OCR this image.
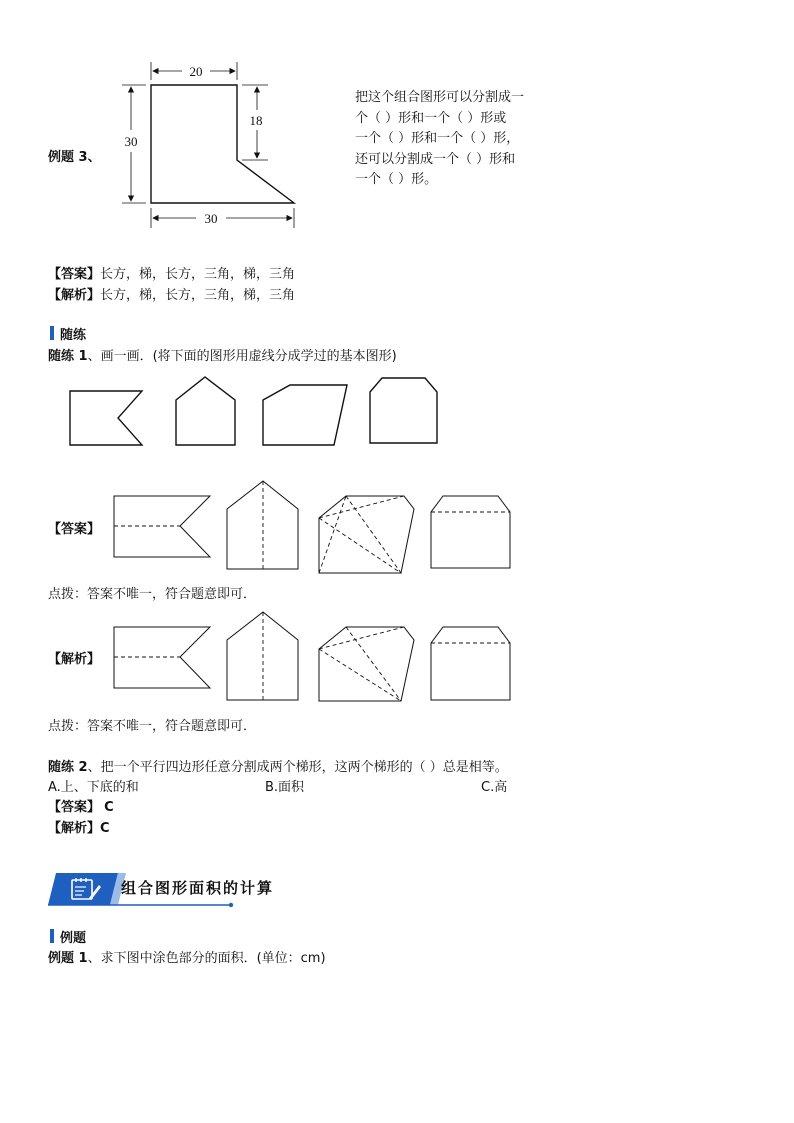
例题 3、
20
30
18
30
把这个组合图形可以分割成一
个（ ）形和一个（ ）形或
一个（ ）形和一个（ ）形，
还可以分割成一个（ ）形和
一个（ ）形。
【答案】长方，梯，长方，三角，梯，三角
【解析】长方，梯，长方，三角，梯，三角
随练
随练 1、画一画．(将下面的图形用虚线分成学过的基本图形)
【答案】
点拨：答案不唯一，符合题意即可．
【解析】
点拨：答案不唯一，符合题意即可．
随练 2、把一个平行四边形任意分割成两个梯形，这两个梯形的（ ）总是相等。
A.上、下底的和	B.面积	C.高
【答案】 C
【解析】C
组合图形面积的计算
例题
例题 1、求下图中涂色部分的面积．(单位：cm)
